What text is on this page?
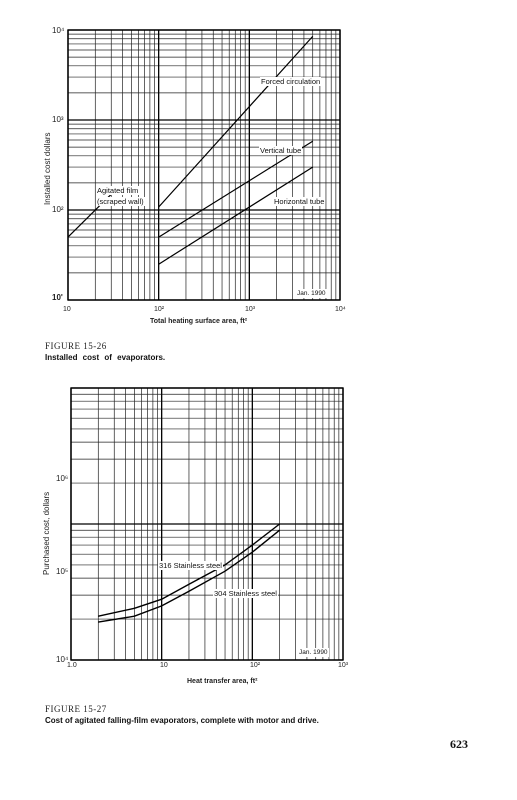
10⁴
10³
10²
10'
10	10²	10³	10⁴
Installed cost dollars
Total heating surface area, ft²
Forced circulation
Vertical tube
Agitated film
(scraped wall)	Horizontal tube
Jan. 1990
FIGURE 15-26
Installed cost of evaporators.
10⁶
10⁵
10⁴
1.0	10	10²	10³
Purchased cost, dollars
Heat transfer area, ft²
316 Stainless steel
304 Stainless steel
Jan. 1990
FIGURE 15-27
Cost of agitated falling-film evaporators, complete with motor and drive.
623
